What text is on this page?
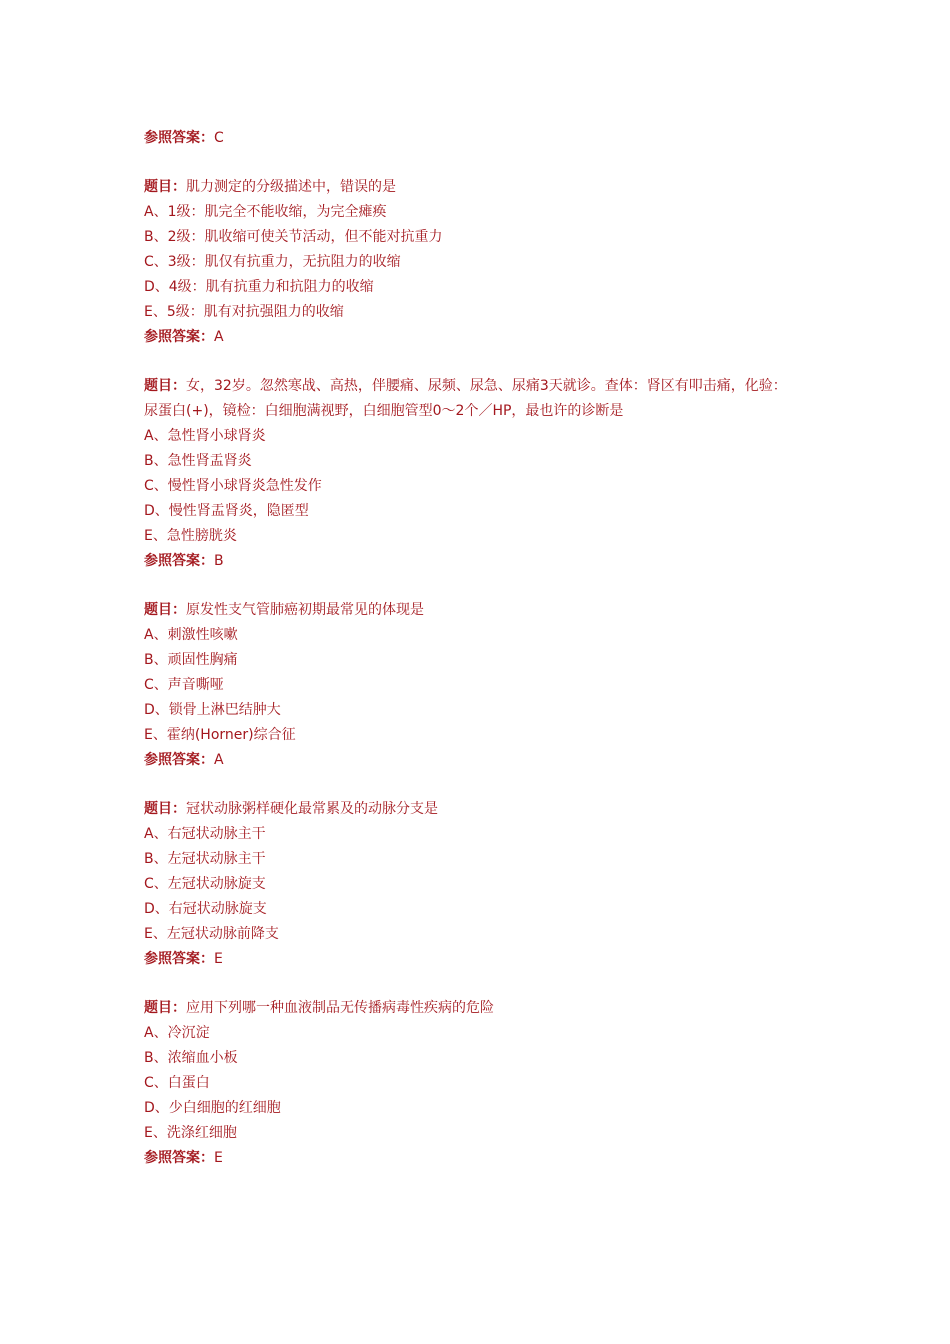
参照答案：C
题目：肌力测定的分级描述中，错误的是
A、1级：肌完全不能收缩，为完全瘫痪
B、2级：肌收缩可使关节活动，但不能对抗重力
C、3级：肌仅有抗重力，无抗阻力的收缩
D、4级：肌有抗重力和抗阻力的收缩
E、5级：肌有对抗强阻力的收缩
参照答案：A
题目：女，32岁。忽然寒战、高热，伴腰痛、尿频、尿急、尿痛3天就诊。查体：肾区有叩击痛，化验：
尿蛋白(+)，镜检：白细胞满视野，白细胞管型0～2个／HP，最也许的诊断是
A、急性肾小球肾炎
B、急性肾盂肾炎
C、慢性肾小球肾炎急性发作
D、慢性肾盂肾炎，隐匿型
E、急性膀胱炎
参照答案：B
题目：原发性支气管肺癌初期最常见的体现是
A、刺激性咳嗽
B、顽固性胸痛
C、声音嘶哑
D、锁骨上淋巴结肿大
E、霍纳(Horner)综合征
参照答案：A
题目：冠状动脉粥样硬化最常累及的动脉分支是
A、右冠状动脉主干
B、左冠状动脉主干
C、左冠状动脉旋支
D、右冠状动脉旋支
E、左冠状动脉前降支
参照答案：E
题目：应用下列哪一种血液制品无传播病毒性疾病的危险
A、冷沉淀
B、浓缩血小板
C、白蛋白
D、少白细胞的红细胞
E、洗涤红细胞
参照答案：E
